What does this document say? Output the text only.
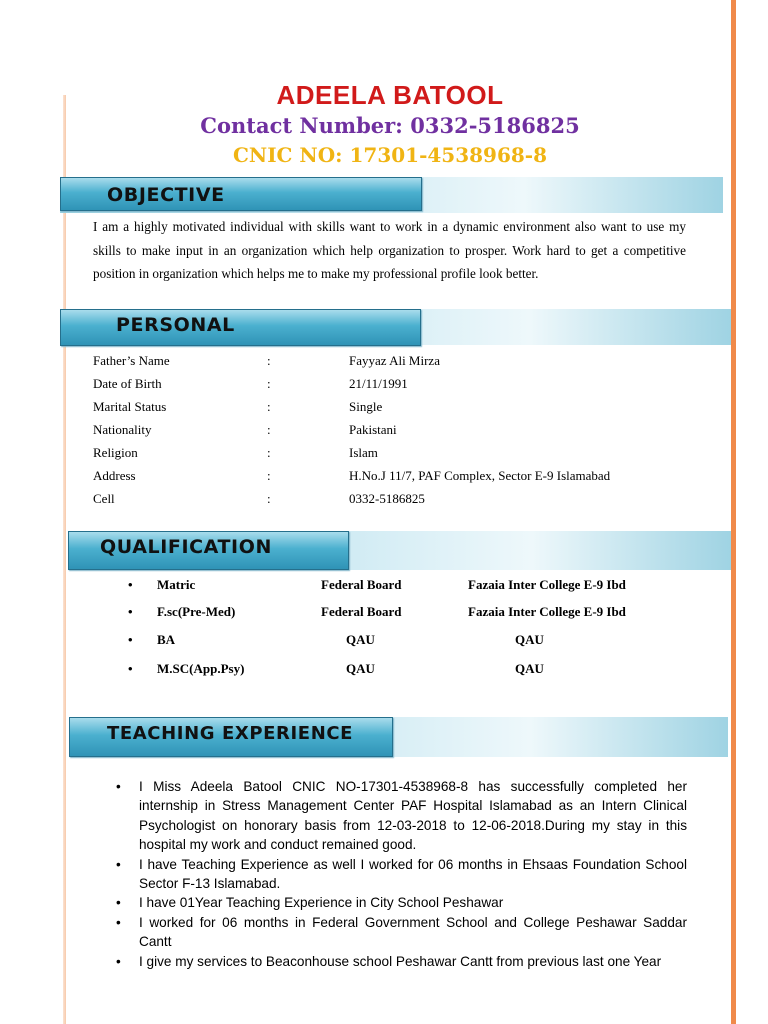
ADEELA BATOOL
Contact Number: 0332-5186825
CNIC NO: 17301-4538968-8
OBJECTIVE

I am a highly motivated individual with skills want to work in a dynamic environment also want to use my skills to make input in an organization which help organization to prosper. Work hard to get a competitive position in organization which helps me to make my professional profile look better.

PERSONAL
Father’s Name	:	Fayyaz Ali Mirza
Date of Birth	:	21/11/1991
Marital Status	:	Single
Nationality	:	Pakistani
Religion	:	Islam
Address	:	H.No.J 11/7, PAF Complex, Sector E-9 Islamabad
Cell	:	0332-5186825
QUALIFICATION
• Matric	Federal Board	Fazaia Inter College E-9 Ibd
• F.sc(Pre-Med)	Federal Board	Fazaia Inter College E-9 Ibd
• BA	QAU	QAU
• M.SC(App.Psy)	QAU	QAU
TEACHING EXPERIENCE
• I Miss Adeela Batool CNIC NO-17301-4538968-8 has successfully completed her internship in Stress Management Center PAF Hospital Islamabad as an Intern Clinical Psychologist on honorary basis from 12-03-2018 to 12-06-2018.During my stay in this hospital my work and conduct remained good.
• I have Teaching Experience as well I worked for 06 months in Ehsaas Foundation School Sector F-13 Islamabad.
• I have 01Year Teaching Experience in City School Peshawar
• I worked for 06 months in Federal Government School and College Peshawar Saddar Cantt
• I give my services to Beaconhouse school Peshawar Cantt from previous last one Year
